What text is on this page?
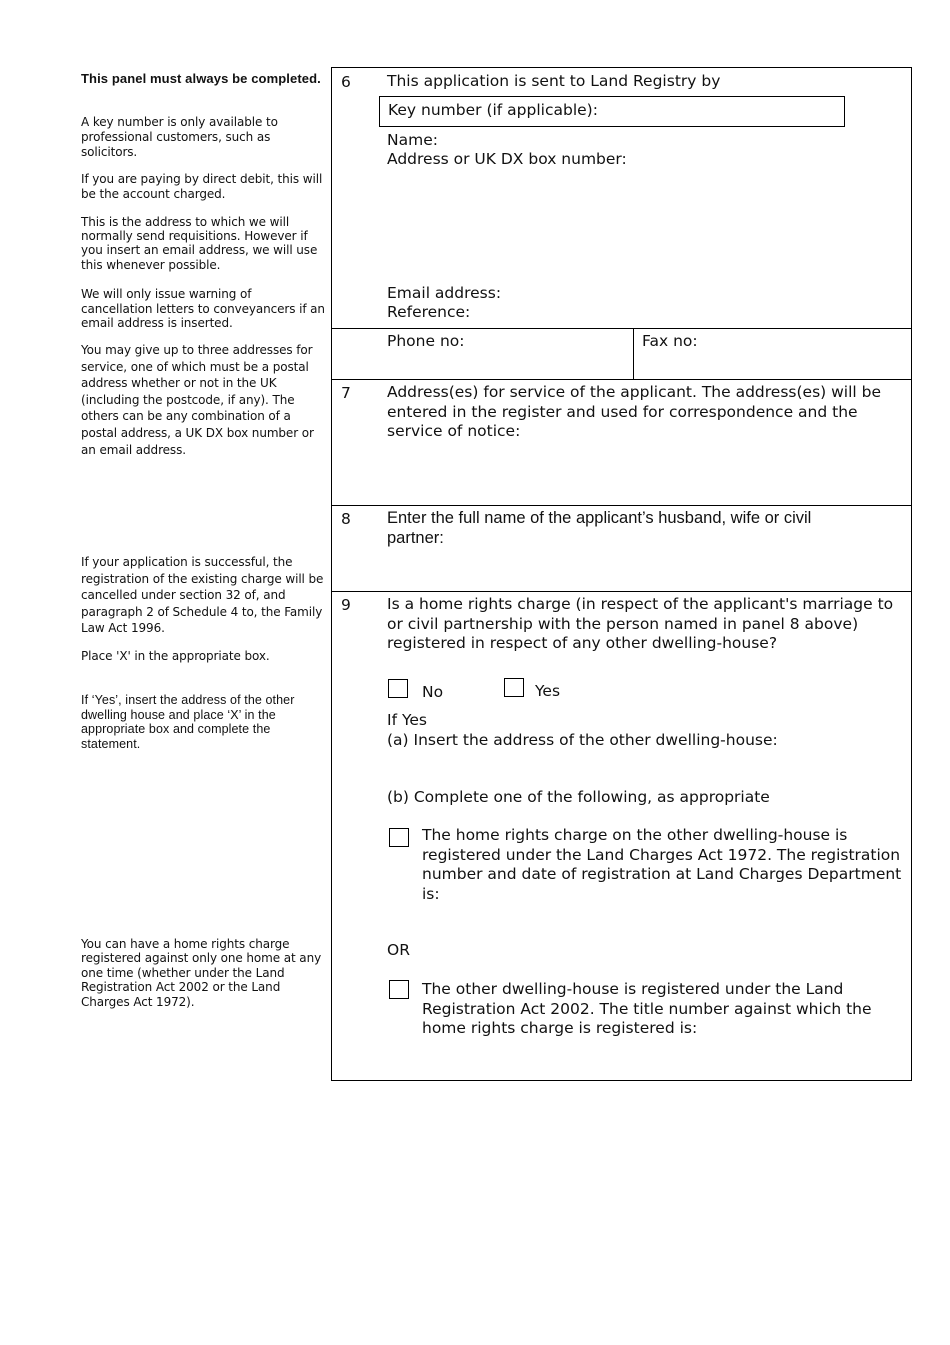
This panel must always be completed.
A key number is only available to professional customers, such as solicitors.
If you are paying by direct debit, this will be the account charged.
This is the address to which we will normally send requisitions. However if you insert an email address, we will use this whenever possible.
We will only issue warning of cancellation letters to conveyancers if an email address is inserted.
You may give up to three addresses for service, one of which must be a postal address whether or not in the UK (including the postcode, if any). The others can be any combination of a postal address, a UK DX box number or an email address.
If your application is successful, the registration of the existing charge will be cancelled under section 32 of, and paragraph 2 of Schedule 4 to, the Family Law Act 1996.
Place 'X' in the appropriate box.
If ‘Yes’, insert the address of the other dwelling house and place ‘X’ in the appropriate box and complete the statement.
You can have a home rights charge registered against only one home at any one time (whether under the Land Registration Act 2002 or the Land Charges Act 1972).
6 This application is sent to Land Registry by
Key number (if applicable):
Name:
Address or UK DX box number:
Email address:
Reference:
Phone no:	Fax no:
7 Address(es) for service of the applicant. The address(es) will be entered in the register and used for correspondence and the service of notice:
8 Enter the full name of the applicant’s husband, wife or civil partner:
9 Is a home rights charge (in respect of the applicant's marriage to or civil partnership with the person named in panel 8 above) registered in respect of any other dwelling-house?
No	Yes
If Yes
(a) Insert the address of the other dwelling-house:
(b) Complete one of the following, as appropriate
The home rights charge on the other dwelling-house is registered under the Land Charges Act 1972. The registration number and date of registration at Land Charges Department is:
OR
The other dwelling-house is registered under the Land Registration Act 2002. The title number against which the home rights charge is registered is:
